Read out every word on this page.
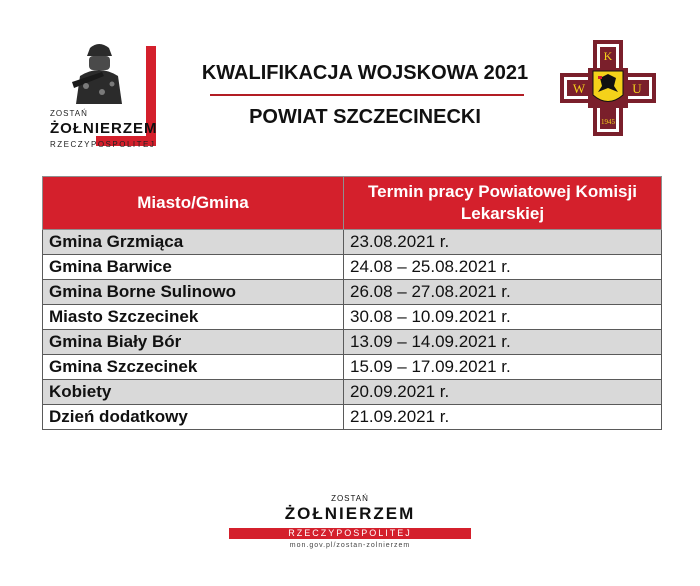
ZOSTAŃ
ŻOŁNIERZEM
RZECZYPOSPOLITEJ
KWALIFIKACJA WOJSKOWA 2021
POWIAT SZCZECINECKI
K
W	U
1945
Miasto/Gmina	Termin pracy Powiatowej Komisji Lekarskiej
Gmina Grzmiąca	23.08.2021 r.
Gmina Barwice	24.08 – 25.08.2021 r.
Gmina Borne Sulinowo	26.08 – 27.08.2021 r.
Miasto Szczecinek	30.08 – 10.09.2021 r.
Gmina Biały Bór	13.09 – 14.09.2021 r.
Gmina Szczecinek	15.09 – 17.09.2021 r.
Kobiety	20.09.2021 r.
Dzień dodatkowy	21.09.2021 r.
ZOSTAŃ
ŻOŁNIERZEM
RZECZYPOSPOLITEJ
mon.gov.pl/zostan-zolnierzem
